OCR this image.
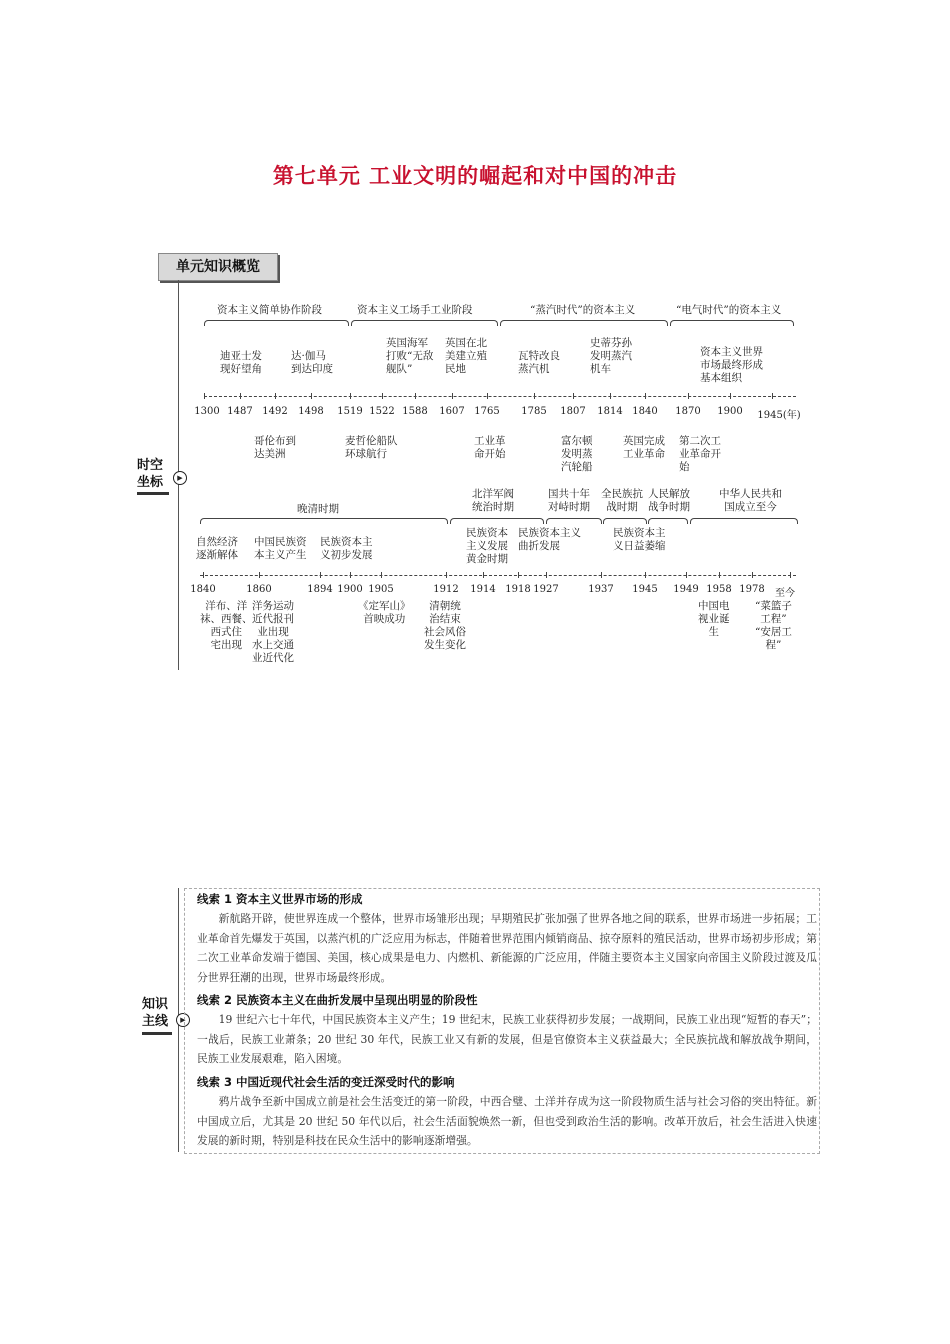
第七单元 工业文明的崛起和对中国的冲击
单元知识概览
时空
坐标	▶
资本主义简单协作阶段	资本主义工场手工业阶段	“蒸汽时代”的资本主义	“电气时代”的资本主义
迪亚士发
现好望角
达·伽马
到达印度
英国海军
打败“无敌
舰队”
英国在北
美建立殖
民地
瓦特改良
蒸汽机
史蒂芬孙
发明蒸汽
机车
资本主义世界
市场最终形成
基本组织
1300 1487 1492 1498 1519 1522 1588 1607 1765 1785 1807 1814 1840 1870 1900 1945(年)
哥伦布到
达美洲
麦哲伦船队
环球航行
工业革
命开始
富尔顿
发明蒸
汽轮船
英国完成
工业革命
第二次工
业革命开
始
晚清时期
北洋军阀
统治时期
国共十年
对峙时期
全民族抗
战时期
人民解放
战争时期
中华人民共和
国成立至今
自然经济
逐渐解体
中国民族资
本主义产生
民族资本主
义初步发展
民族资本
主义发展
黄金时期
民族资本主义
曲折发展
民族资本主
义日益萎缩
1840	1860	1894 1900 1905	1912 1914 1918 1927	1937 1945 1949 1958 1978 至今
洋布、洋
袜、西餐、
西式住
宅出现
洋务运动
近代报刊
业出现
水上交通
业近代化
《定军山》
首映成功
清朝统
治结束
社会风俗
发生变化
中国电
视业诞
生
“菜篮子
工程”
“安居工
程”
知识
主线	▶
线索 1 资本主义世界市场的形成
新航路开辟，使世界连成一个整体，世界市场雏形出现；早期殖民扩张加强了世界各地之间的联系，世界市场进一步拓展；工业革命首先爆发于英国，以蒸汽机的广泛应用为标志，伴随着世界范围内倾销商品、掠夺原料的殖民活动，世界市场初步形成；第二次工业革命发端于德国、美国，核心成果是电力、内燃机、新能源的广泛应用，伴随主要资本主义国家向帝国主义阶段过渡及瓜分世界狂潮的出现，世界市场最终形成。
线索 2 民族资本主义在曲折发展中呈现出明显的阶段性
19 世纪六七十年代，中国民族资本主义产生；19 世纪末，民族工业获得初步发展；一战期间，民族工业出现“短暂的春天”；一战后，民族工业萧条；20 世纪 30 年代，民族工业又有新的发展，但是官僚资本主义获益最大；全民族抗战和解放战争期间，民族工业发展艰难，陷入困境。
线索 3 中国近现代社会生活的变迁深受时代的影响
鸦片战争至新中国成立前是社会生活变迁的第一阶段，中西合璧、土洋并存成为这一阶段物质生活与社会习俗的突出特征。新中国成立后，尤其是 20 世纪 50 年代以后，社会生活面貌焕然一新，但也受到政治生活的影响。改革开放后，社会生活进入快速发展的新时期，特别是科技在民众生活中的影响逐渐增强。
